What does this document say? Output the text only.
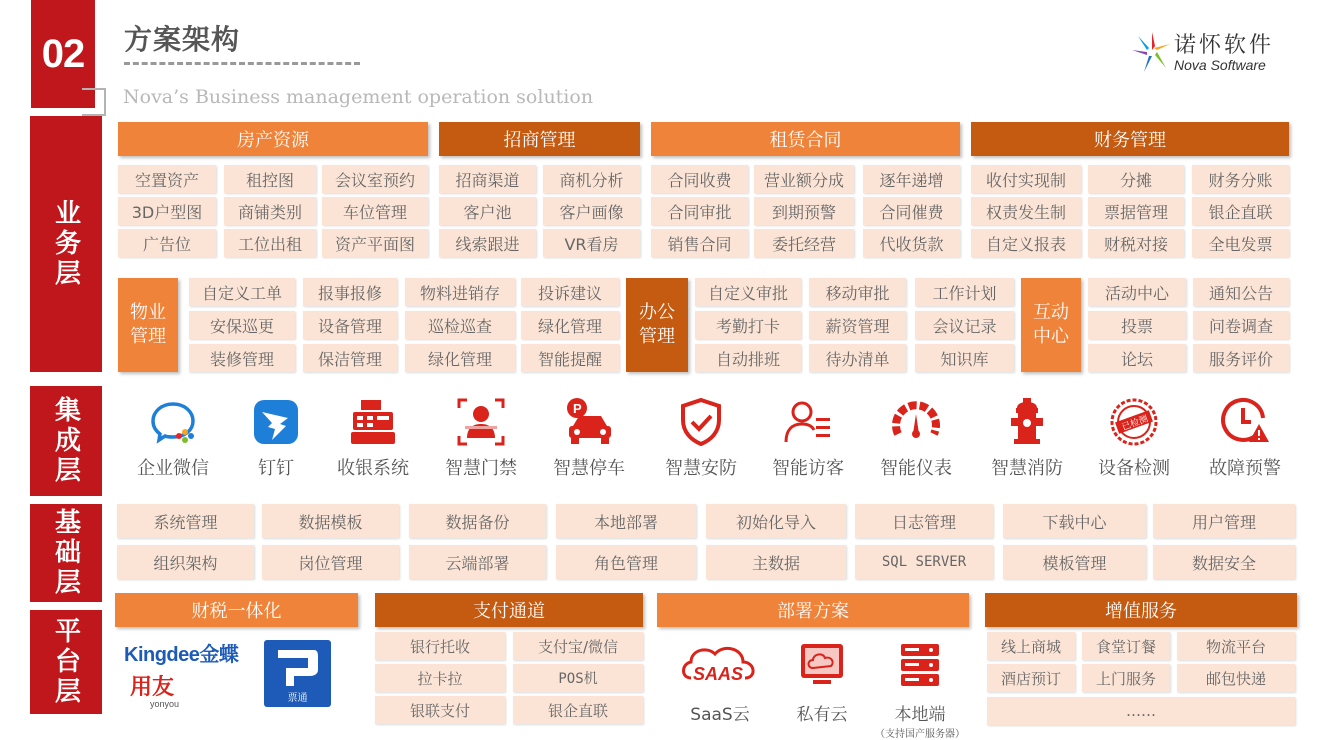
02	方案架构
Nova’s Business management operation solution
诺怀软件
Nova Software
业务层
集成层
基础层
平台层
房产资源	招商管理	租赁合同	财务管理
空置资产	租控图	会议室预约
3D户型图	商铺类别	车位管理
广告位	工位出租	资产平面图
招商渠道	商机分析
客户池	客户画像
线索跟进	VR看房
合同收费	营业额分成	逐年递增
合同审批	到期预警	合同催费
销售合同	委托经营	代收货款
收付实现制	分摊	财务分账
权责发生制	票据管理	银企直联
自定义报表	财税对接	全电发票
物业
管理
自定义工单	报事报修	物料进销存	投诉建议
安保巡更	设备管理	巡检巡查	绿化管理
装修管理	保洁管理	绿化管理	智能提醒
办公
管理
自定义审批	移动审批	工作计划
考勤打卡	薪资管理	会议记录
自动排班	待办清单	知识库
互动
中心
活动中心	通知公告
投票	问卷调查
论坛	服务评价
企业微信	钉钉 收银系统 智慧门禁
P
智慧停车 智慧安防 智能访客 智能仪表 智慧消防
已检测
设备检测 故障预警
系统管理	数据模板	数据备份	本地部署	初始化导入	日志管理	下载中心	用户管理
组织架构	岗位管理	云端部署	角色管理	主数据	SQL SERVER	模板管理	数据安全
财税一体化	支付通道	部署方案	增值服务
Kingdee金蝶
用友
yonyou	票通
银行托收	支付宝/微信
拉卡拉	POS机
银联支付	银企直联
SAAS
SaaS云	私有云	本地端
（支持国产服务器）
线上商城	食堂订餐	物流平台
酒店预订	上门服务	邮包快递
……
